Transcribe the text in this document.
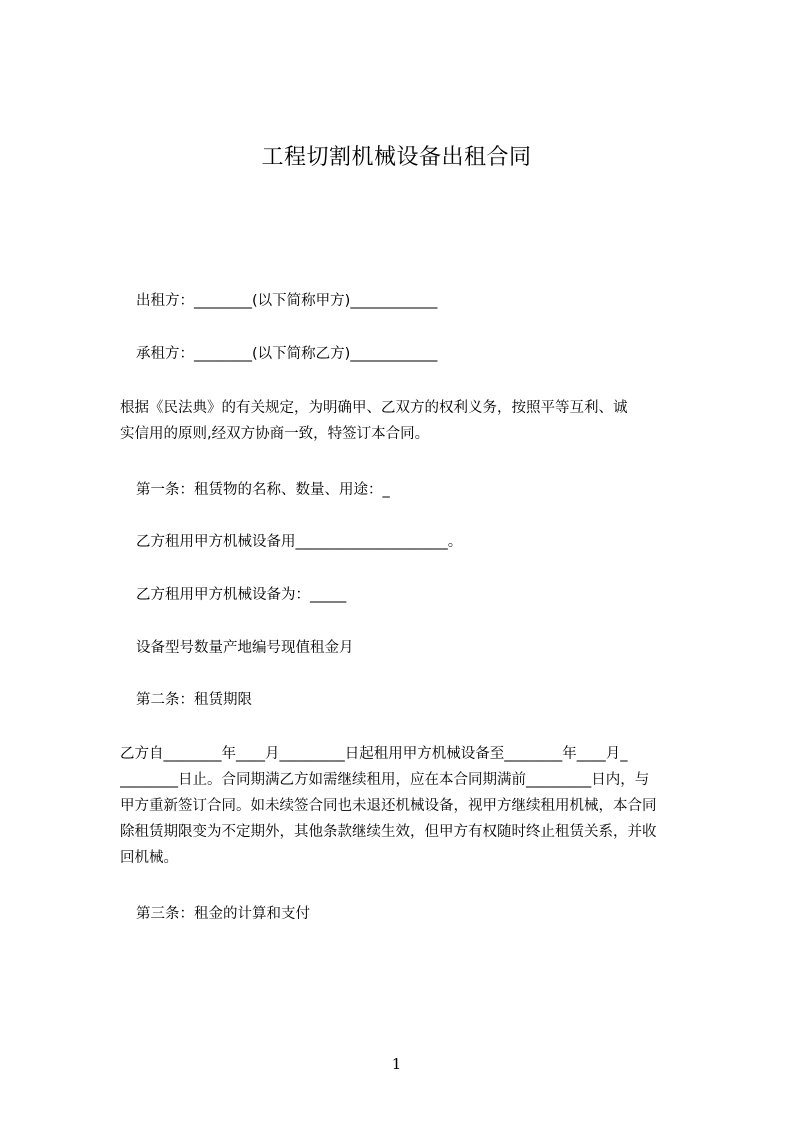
工程切割机械设备出租合同
出租方：________(以下简称甲方)____________
承租方：________(以下简称乙方)____________

根据《民法典》的有关规定，为明确甲、乙双方的权利义务，按照平等互利、诚

实信用的原则,经双方协商一致，特签订本合同。

第一条：租赁物的名称、数量、用途：_
乙方租用甲方机械设备用_____________________。
乙方租用甲方机械设备为：_____
设备型号数量产地编号现值租金月
第二条：租赁期限

乙方自________年____月_________日起租用甲方机械设备至________年____月_

________日止。合同期满乙方如需继续租用，应在本合同期满前_________日内，与

甲方重新签订合同。如未续签合同也未退还机械设备，视甲方继续租用机械，本合同

除租赁期限变为不定期外，其他条款继续生效，但甲方有权随时终止租赁关系，并收

回机械。

第三条：租金的计算和支付
1
